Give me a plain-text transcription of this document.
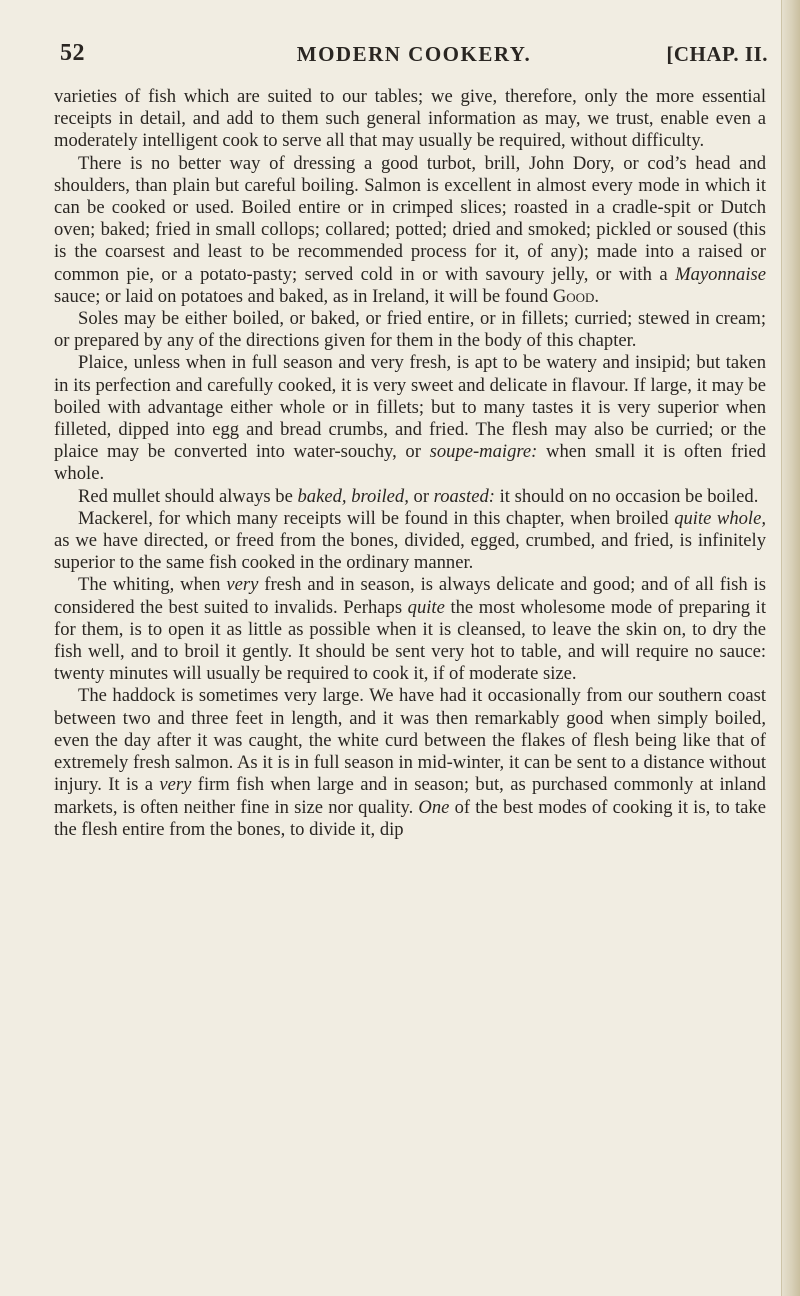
52	MODERN COOKERY.	[CHAP. II.

varieties of fish which are suited to our tables; we give, therefore, only the more essential receipts in detail, and add to them such general information as may, we trust, enable even a moderately intelligent cook to serve all that may usually be required, without difficulty.

There is no better way of dressing a good turbot, brill, John Dory, or cod’s head and shoulders, than plain but careful boiling. Salmon is excellent in almost every mode in which it can be cooked or used. Boiled entire or in crimped slices; roasted in a cradle-spit or Dutch oven; baked; fried in small collops; collared; potted; dried and smoked; pickled or soused (this is the coarsest and least to be recommended process for it, of any); made into a raised or common pie, or a potato-pasty; served cold in or with savoury jelly, or with a Mayonnaise sauce; or laid on potatoes and baked, as in Ireland, it will be found Good.

Soles may be either boiled, or baked, or fried entire, or in fillets; curried; stewed in cream; or prepared by any of the directions given for them in the body of this chapter.

Plaice, unless when in full season and very fresh, is apt to be watery and insipid; but taken in its perfection and carefully cooked, it is very sweet and delicate in flavour. If large, it may be boiled with advantage either whole or in fillets; but to many tastes it is very superior when filleted, dipped into egg and bread crumbs, and fried. The flesh may also be curried; or the plaice may be converted into water-souchy, or soupe-maigre: when small it is often fried whole.

Red mullet should always be baked, broiled, or roasted: it should on no occasion be boiled.

Mackerel, for which many receipts will be found in this chapter, when broiled quite whole, as we have directed, or freed from the bones, divided, egged, crumbed, and fried, is infinitely superior to the same fish cooked in the ordinary manner.

The whiting, when very fresh and in season, is always delicate and good; and of all fish is considered the best suited to invalids. Perhaps quite the most wholesome mode of preparing it for them, is to open it as little as possible when it is cleansed, to leave the skin on, to dry the fish well, and to broil it gently. It should be sent very hot to table, and will require no sauce: twenty minutes will usually be required to cook it, if of moderate size.

The haddock is sometimes very large. We have had it occasionally from our southern coast between two and three feet in length, and it was then remarkably good when simply boiled, even the day after it was caught, the white curd between the flakes of flesh being like that of extremely fresh salmon. As it is in full season in mid-winter, it can be sent to a distance without injury. It is a very firm fish when large and in season; but, as purchased commonly at inland markets, is often neither fine in size nor quality. One of the best modes of cooking it is, to take the flesh entire from the bones, to divide it, dip
